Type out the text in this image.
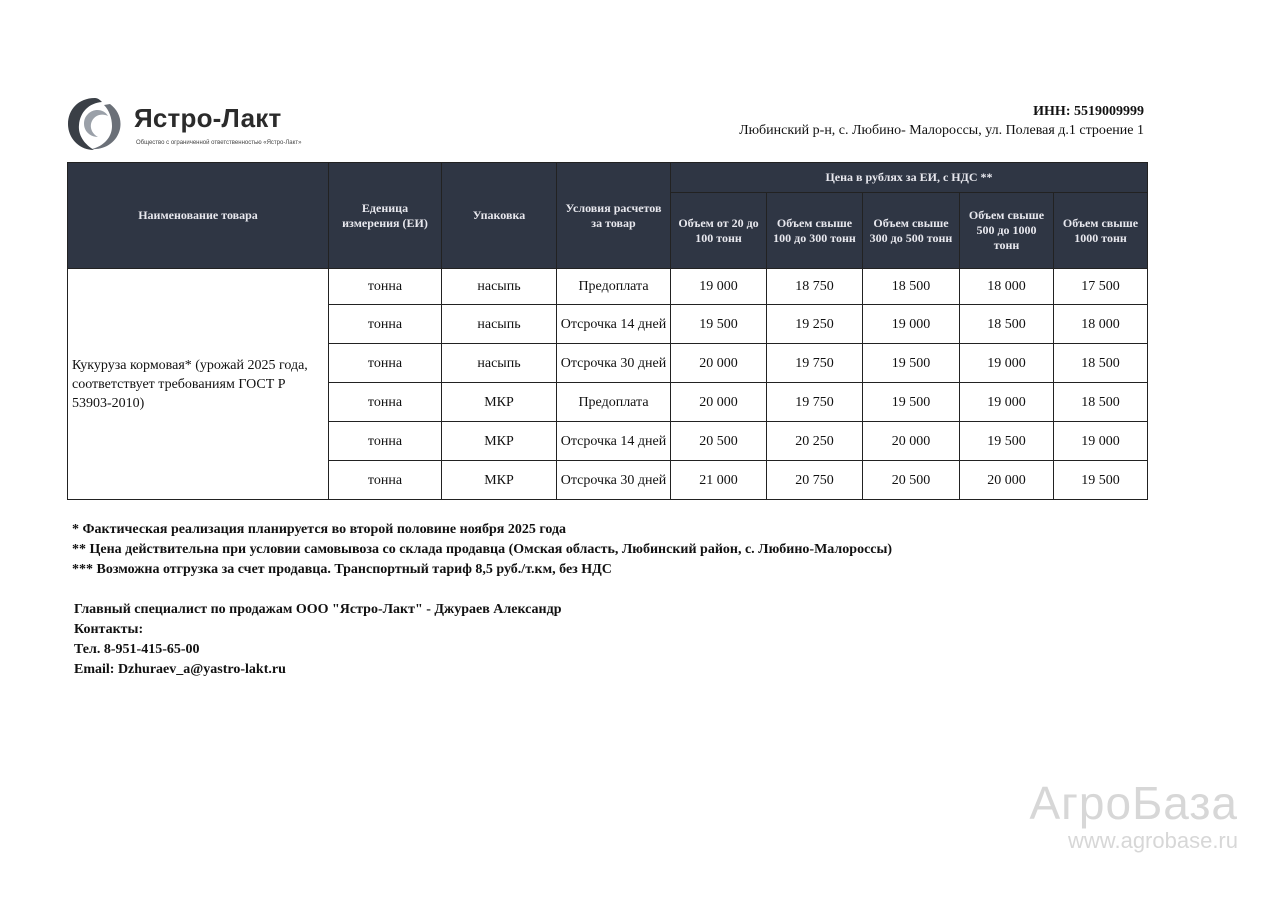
Ястро-Лакт
Общество с ограниченной ответственностью «Ястро-Лакт»
ИНН: 5519009999
Любинский р-н, с. Любино- Малороссы, ул. Полевая д.1 строение 1
Наименование товара	Еденица измерения (ЕИ)	Упаковка	Условия расчетов за товар	Цена в рублях за ЕИ, с НДС **				
				Объем от 20 до 100 тонн	Объем свыше 100 до 300 тонн	Объем свыше 300 до 500 тонн	Объем свыше 500 до 1000 тонн	Объем свыше 1000 тонн
Кукуруза кормовая* (урожай 2025 года, соответствует требованиям ГОСТ Р 53903-2010)	тонна	насыпь	Предоплата	19 000	18 750	18 500	18 000	17 500
	тонна	насыпь	Отсрочка 14 дней	19 500	19 250	19 000	18 500	18 000
	тонна	насыпь	Отсрочка 30 дней	20 000	19 750	19 500	19 000	18 500
	тонна	МКР	Предоплата	20 000	19 750	19 500	19 000	18 500
	тонна	МКР	Отсрочка 14 дней	20 500	20 250	20 000	19 500	19 000
	тонна	МКР	Отсрочка 30 дней	21 000	20 750	20 500	20 000	19 500
* Фактическая реализация планируется во второй половине ноября 2025 года
** Цена действительна при условии самовывоза со склада продавца (Омская область, Любинский район, с. Любино-Малороссы)
*** Возможна отгрузка за счет продавца. Транспортный тариф 8,5 руб./т.км, без НДС
Главный специалист по продажам ООО "Ястро-Лакт" - Джураев Александр
Контакты:
Тел. 8-951-415-65-00
Email: Dzhuraev_a@yastro-lakt.ru
АгроБаза
www.agrobase.ru
